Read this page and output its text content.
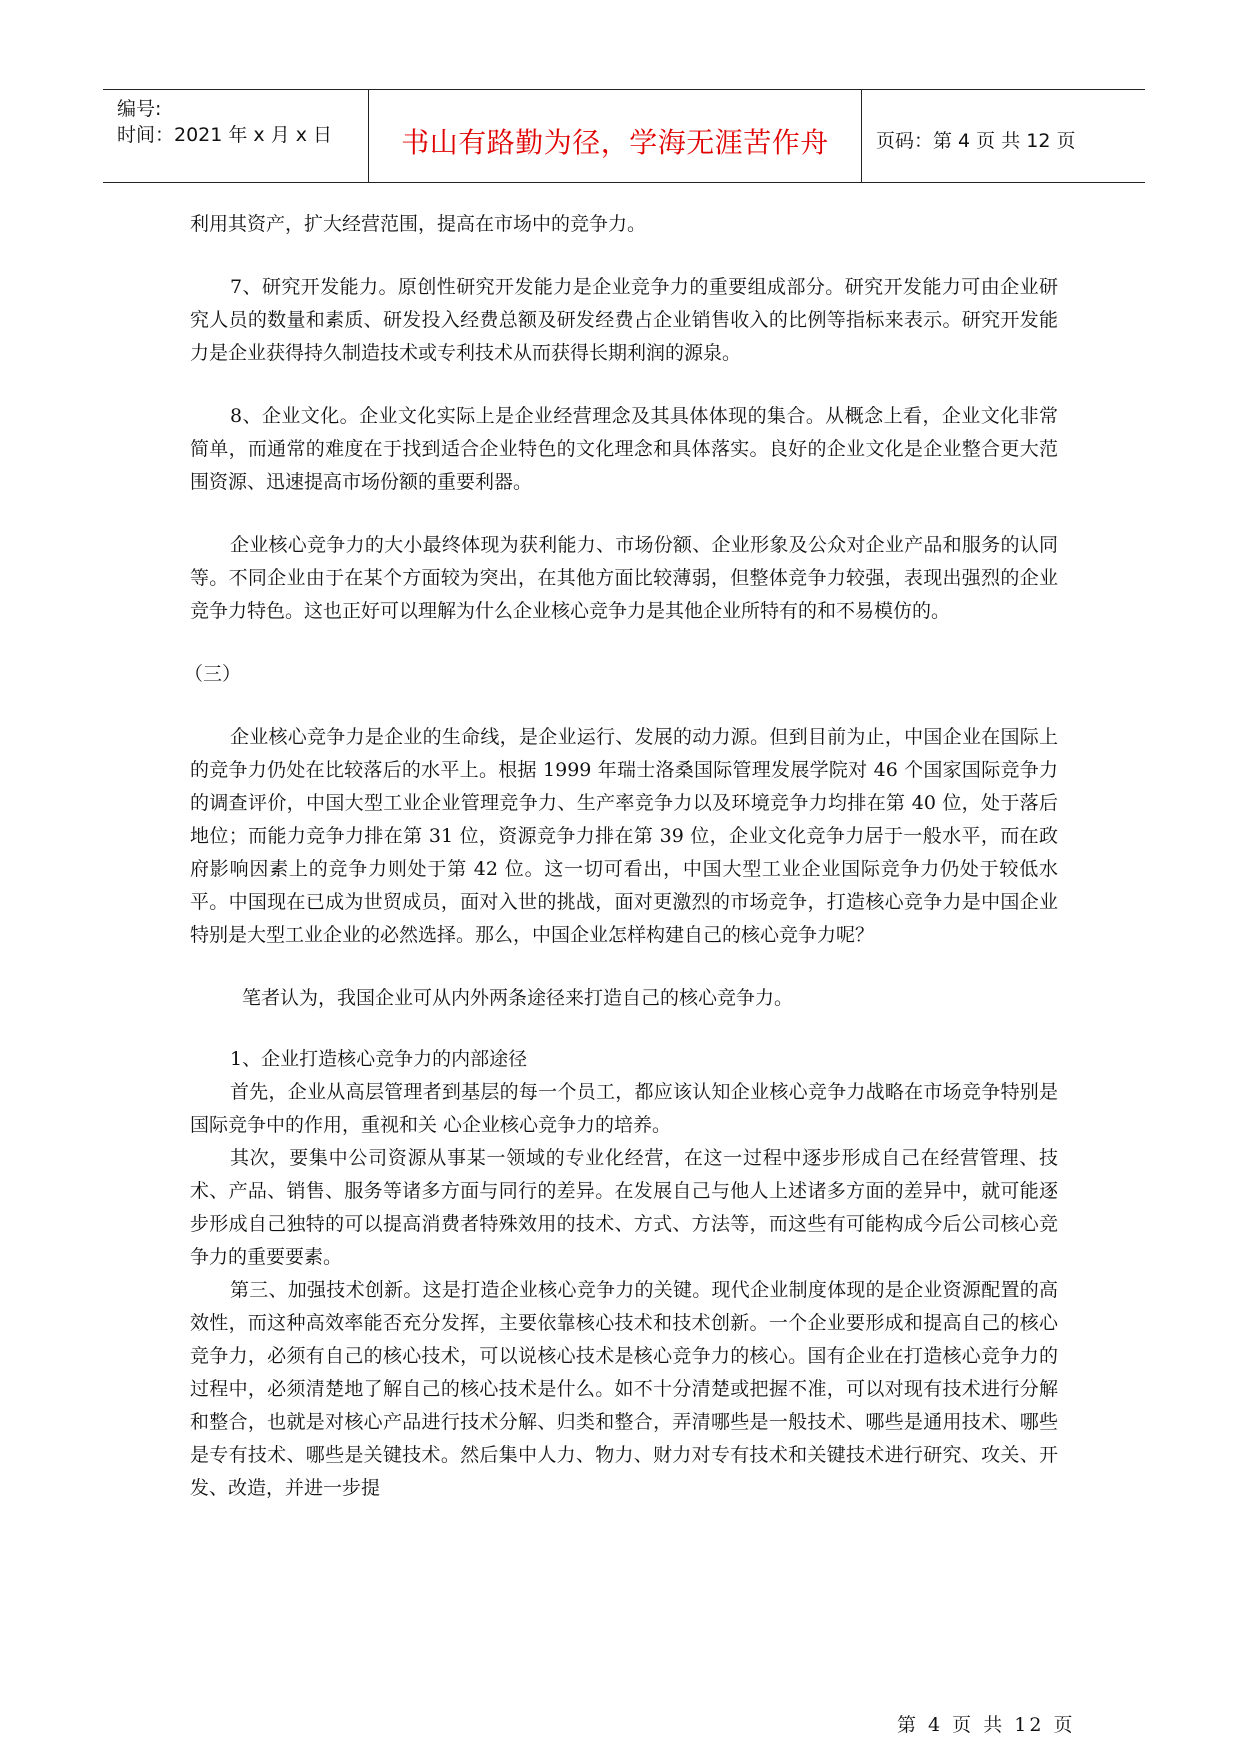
编号:
时间：2021 年 x 月 x 日	书山有路勤为径，学海无涯苦作舟	页码：第 4 页 共 12 页

利用其资产，扩大经营范围，提高在市场中的竞争力。

7、研究开发能力。原创性研究开发能力是企业竞争力的重要组成部分。研究开发能力可由企业研究人员的数量和素质、研发投入经费总额及研发经费占企业销售收入的比例等指标来表示。研究开发能力是企业获得持久制造技术或专利技术从而获得长期利润的源泉。

8、企业文化。企业文化实际上是企业经营理念及其具体体现的集合。从概念上看，企业文化非常简单，而通常的难度在于找到适合企业特色的文化理念和具体落实。良好的企业文化是企业整合更大范围资源、迅速提高市场份额的重要利器。

企业核心竞争力的大小最终体现为获利能力、市场份额、企业形象及公众对企业产品和服务的认同等。不同企业由于在某个方面较为突出，在其他方面比较薄弱，但整体竞争力较强，表现出强烈的企业竞争力特色。这也正好可以理解为什么企业核心竞争力是其他企业所特有的和不易模仿的。

（三）

企业核心竞争力是企业的生命线，是企业运行、发展的动力源。但到目前为止，中国企业在国际上的竞争力仍处在比较落后的水平上。根据 1999 年瑞士洛桑国际管理发展学院对 46 个国家国际竞争力的调查评价，中国大型工业企业管理竞争力、生产率竞争力以及环境竞争力均排在第 40 位，处于落后地位；而能力竞争力排在第 31 位，资源竞争力排在第 39 位，企业文化竞争力居于一般水平，而在政府影响因素上的竞争力则处于第 42 位。这一切可看出，中国大型工业企业国际竞争力仍处于较低水平。中国现在已成为世贸成员，面对入世的挑战，面对更激烈的市场竞争，打造核心竞争力是中国企业特别是大型工业企业的必然选择。那么，中国企业怎样构建自己的核心竞争力呢？

笔者认为，我国企业可从内外两条途径来打造自己的核心竞争力。

1、企业打造核心竞争力的内部途径

首先，企业从高层管理者到基层的每一个员工，都应该认知企业核心竞争力战略在市场竞争特别是国际竞争中的作用，重视和关 心企业核心竞争力的培养。

其次，要集中公司资源从事某一领域的专业化经营，在这一过程中逐步形成自己在经营管理、技术、产品、销售、服务等诸多方面与同行的差异。在发展自己与他人上述诸多方面的差异中，就可能逐步形成自己独特的可以提高消费者特殊效用的技术、方式、方法等，而这些有可能构成今后公司核心竞争力的重要要素。

第三、加强技术创新。这是打造企业核心竞争力的关键。现代企业制度体现的是企业资源配置的高效性，而这种高效率能否充分发挥，主要依靠核心技术和技术创新。一个企业要形成和提高自己的核心竞争力，必须有自己的核心技术，可以说核心技术是核心竞争力的核心。国有企业在打造核心竞争力的过程中，必须清楚地了解自己的核心技术是什么。如不十分清楚或把握不准，可以对现有技术进行分解和整合，也就是对核心产品进行技术分解、归类和整合，弄清哪些是一般技术、哪些是通用技术、哪些是专有技术、哪些是关键技术。然后集中人力、物力、财力对专有技术和关键技术进行研究、攻关、开发、改造，并进一步提

第 4 页 共 12 页
